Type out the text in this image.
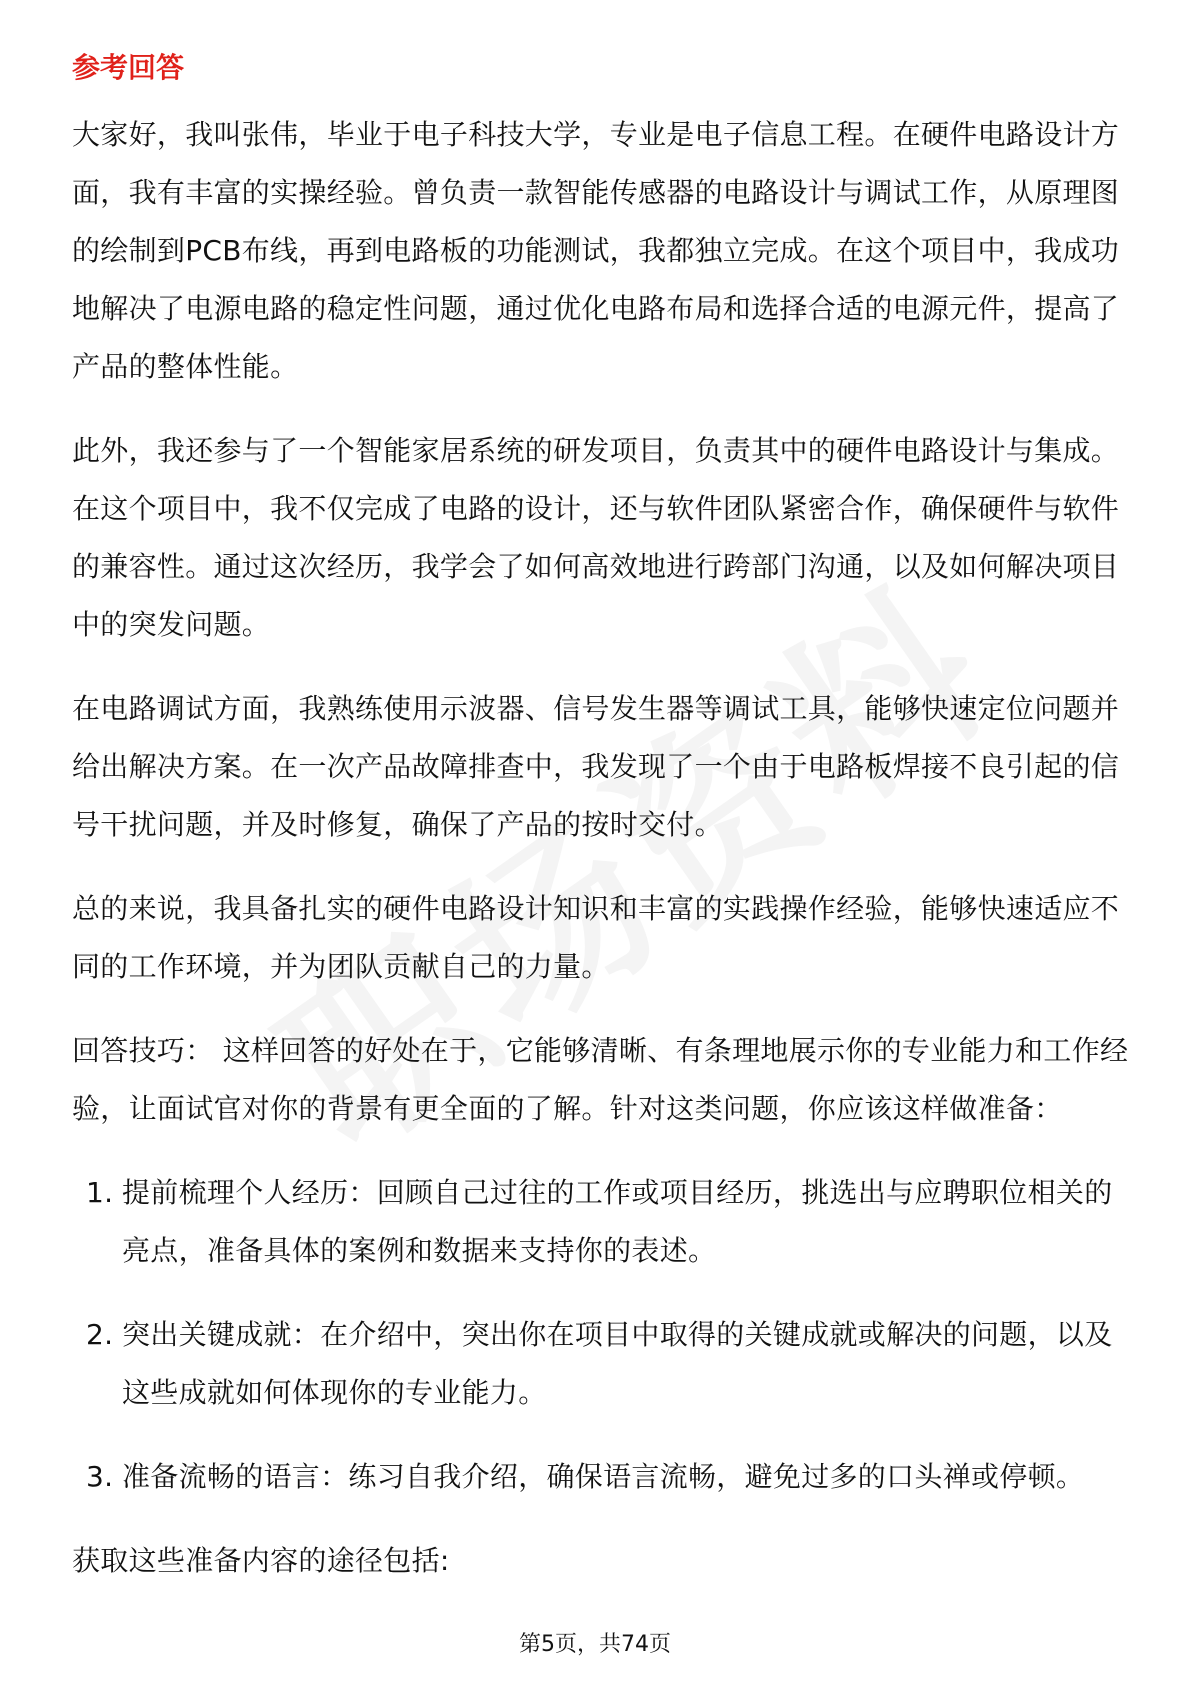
参考回答

大家好，我叫张伟，毕业于电子科技大学，专业是电子信息工程。在硬件电路设计方面，我有丰富的实操经验。曾负责一款智能传感器的电路设计与调试工作，从原理图的绘制到PCB布线，再到电路板的功能测试，我都独立完成。在这个项目中，我成功地解决了电源电路的稳定性问题，通过优化电路布局和选择合适的电源元件，提高了产品的整体性能。

此外，我还参与了一个智能家居系统的研发项目，负责其中的硬件电路设计与集成。在这个项目中，我不仅完成了电路的设计，还与软件团队紧密合作，确保硬件与软件的兼容性。通过这次经历，我学会了如何高效地进行跨部门沟通，以及如何解决项目中的突发问题。

在电路调试方面，我熟练使用示波器、信号发生器等调试工具，能够快速定位问题并给出解决方案。在一次产品故障排查中，我发现了一个由于电路板焊接不良引起的信号干扰问题，并及时修复，确保了产品的按时交付。

总的来说，我具备扎实的硬件电路设计知识和丰富的实践操作经验，能够快速适应不同的工作环境，并为团队贡献自己的力量。

回答技巧： 这样回答的好处在于，它能够清晰、有条理地展示你的专业能力和工作经验，让面试官对你的背景有更全面的了解。针对这类问题，你应该这样做准备：

1. 提前梳理个人经历：回顾自己过往的工作或项目经历，挑选出与应聘职位相关的亮点，准备具体的案例和数据来支持你的表述。
2. 突出关键成就：在介绍中，突出你在项目中取得的关键成就或解决的问题，以及这些成就如何体现你的专业能力。
3. 准备流畅的语言：练习自我介绍，确保语言流畅，避免过多的口头禅或停顿。

获取这些准备内容的途径包括:

第5页，共74页
